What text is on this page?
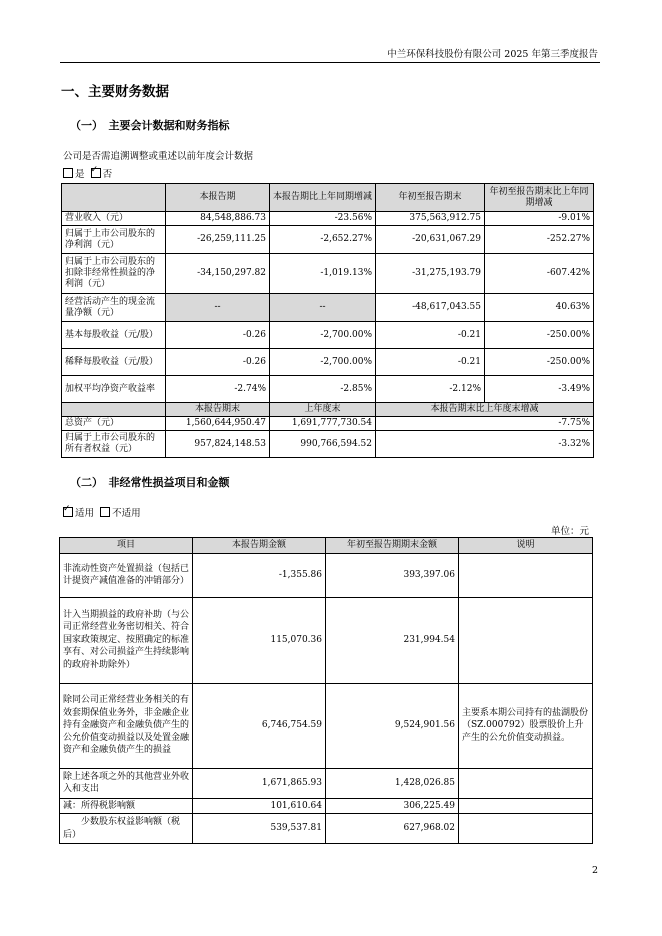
中兰环保科技股份有限公司 2025 年第三季度报告
一、主要财务数据
（一）　主要会计数据和财务指标
公司是否需追溯调整或重述以前年度会计数据
是 ✓ 否
	本报告期	本报告期比上年同期增减	年初至报告期末	年初至报告期末比上年同期增减
营业收入（元）	84,548,886.73	-23.56%	375,563,912.75	-9.01%
归属于上市公司股东的净利润（元）	-26,259,111.25	-2,652.27%	-20,631,067.29	-252.27%
归属于上市公司股东的扣除非经常性损益的净利润（元）	-34,150,297.82	-1,019.13%	-31,275,193.79	-607.42%
经营活动产生的现金流量净额（元）	--	--	-48,617,043.55	40.63%
基本每股收益（元/股）	-0.26	-2,700.00%	-0.21	-250.00%
稀释每股收益（元/股）	-0.26	-2,700.00%	-0.21	-250.00%
加权平均净资产收益率	-2.74%	-2.85%	-2.12%	-3.49%
	本报告期末	上年度末	本报告期末比上年度末增减	
总资产（元）	1,560,644,950.47	1,691,777,730.54	-7.75%	
归属于上市公司股东的所有者权益（元）	957,824,148.53	990,766,594.52	-3.32%	
（二）　非经常性损益项目和金额
✓适用 不适用
单位：元
项目	本报告期金额	年初至报告期期末金额	说明
非流动性资产处置损益（包括已计提资产减值准备的冲销部分）	-1,355.86	393,397.06	
计入当期损益的政府补助（与公司正常经营业务密切相关、符合国家政策规定、按照确定的标准享有、对公司损益产生持续影响的政府补助除外）	115,070.36	231,994.54	
除同公司正常经营业务相关的有效套期保值业务外，非金融企业持有金融资产和金融负债产生的公允价值变动损益以及处置金融资产和金融负债产生的损益	6,746,754.59	9,524,901.56	主要系本期公司持有的盐湖股份（SZ.000792）股票股价上升产生的公允价值变动损益。
除上述各项之外的其他营业外收入和支出	1,671,865.93	1,428,026.85	
减：所得税影响额	101,610.64	306,225.49	
　　少数股东权益影响额（税后）	539,537.81	627,968.02	
2
